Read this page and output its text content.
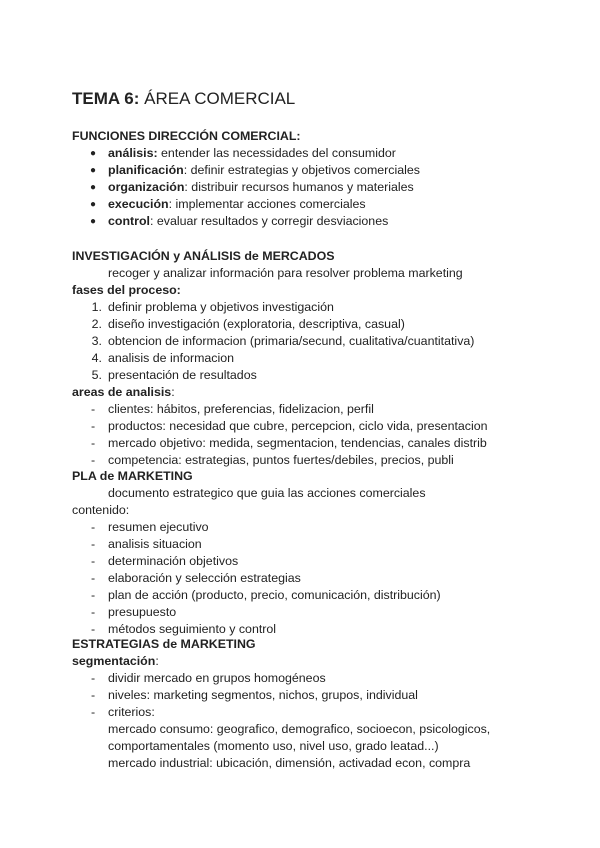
TEMA 6: ÁREA COMERCIAL
FUNCIONES DIRECCIÓN COMERCIAL:
● análisis: entender las necessidades del consumidor
● planificación: definir estrategias y objetivos comerciales
● organización: distribuir recursos humanos y materiales
● execución: implementar acciones comerciales
● control: evaluar resultados y corregir desviaciones
INVESTIGACIÓN y ANÁLISIS de MERCADOS
recoger y analizar información para resolver problema marketing
fases del proceso:
1. definir problema y objetivos investigación
2. diseño investigación (exploratoria, descriptiva, casual)
3. obtencion de informacion (primaria/secund, cualitativa/cuantitativa)
4. analisis de informacion
5. presentación de resultados
areas de analisis:
- clientes: hábitos, preferencias, fidelizacion, perfil
- productos: necesidad que cubre, percepcion, ciclo vida, presentacion
- mercado objetivo: medida, segmentacion, tendencias, canales distrib
- competencia: estrategias, puntos fuertes/debiles, precios, publi
PLA de MARKETING
documento estrategico que guia las acciones comerciales
contenido:
- resumen ejecutivo
- analisis situacion
- determinación objetivos
- elaboración y selección estrategias
- plan de acción (producto, precio, comunicación, distribución)
- presupuesto
- métodos seguimiento y control
ESTRATEGIAS de MARKETING
segmentación:
- dividir mercado en grupos homogéneos
- niveles: marketing segmentos, nichos, grupos, individual
- criterios:
mercado consumo: geografico, demografico, socioecon, psicologicos,
comportamentales (momento uso, nivel uso, grado leatad...)
mercado industrial: ubicación, dimensión, activadad econ, compra
